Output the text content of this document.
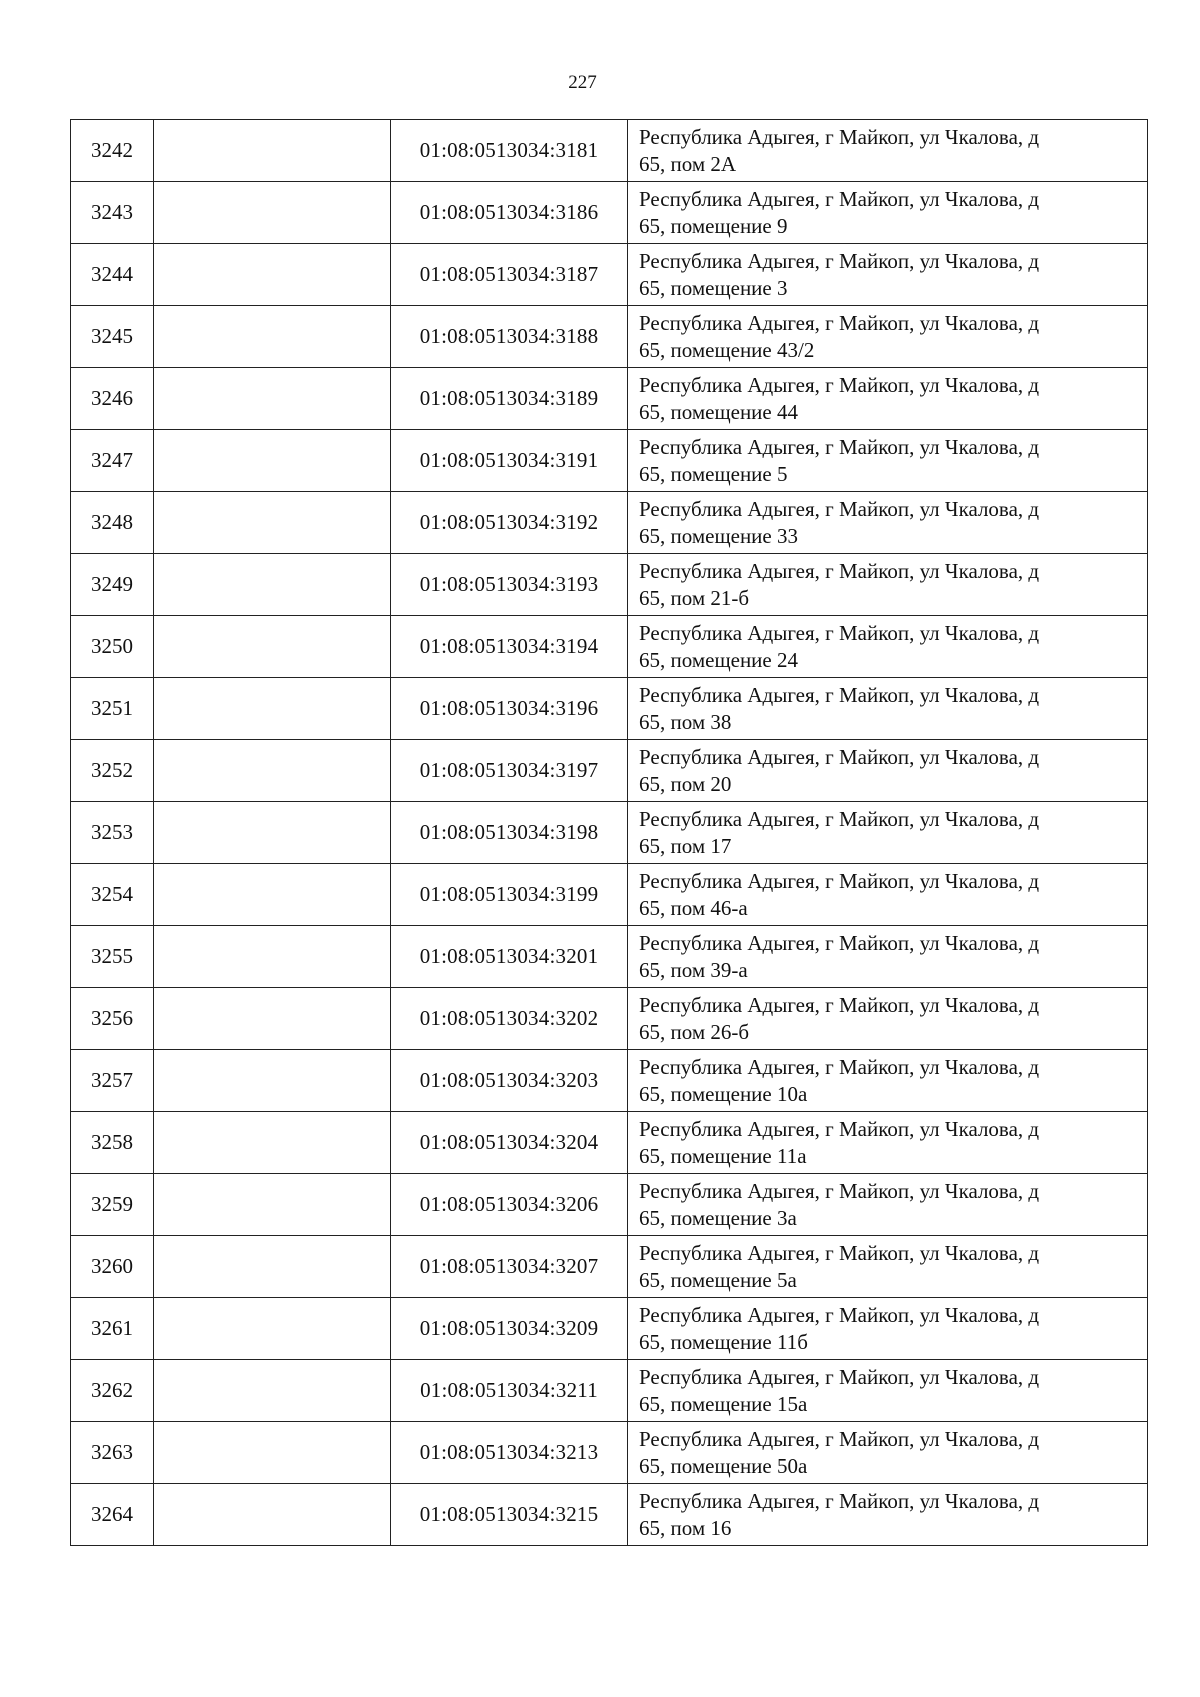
227
3242		01:08:0513034:3181	Республика Адыгея, г Майкоп, ул Чкалова, д
65, пом 2А

3243		01:08:0513034:3186	Республика Адыгея, г Майкоп, ул Чкалова, д
65, помещение 9

3244		01:08:0513034:3187	Республика Адыгея, г Майкоп, ул Чкалова, д
65, помещение 3

3245		01:08:0513034:3188	Республика Адыгея, г Майкоп, ул Чкалова, д
65, помещение 43/2

3246		01:08:0513034:3189	Республика Адыгея, г Майкоп, ул Чкалова, д
65, помещение 44

3247		01:08:0513034:3191	Республика Адыгея, г Майкоп, ул Чкалова, д
65, помещение 5

3248		01:08:0513034:3192	Республика Адыгея, г Майкоп, ул Чкалова, д
65, помещение 33

3249		01:08:0513034:3193	Республика Адыгея, г Майкоп, ул Чкалова, д
65, пом 21-б

3250		01:08:0513034:3194	Республика Адыгея, г Майкоп, ул Чкалова, д
65, помещение 24

3251		01:08:0513034:3196	Республика Адыгея, г Майкоп, ул Чкалова, д
65, пом 38

3252		01:08:0513034:3197	Республика Адыгея, г Майкоп, ул Чкалова, д
65, пом 20

3253		01:08:0513034:3198	Республика Адыгея, г Майкоп, ул Чкалова, д
65, пом 17

3254		01:08:0513034:3199	Республика Адыгея, г Майкоп, ул Чкалова, д
65, пом 46-а

3255		01:08:0513034:3201	Республика Адыгея, г Майкоп, ул Чкалова, д
65, пом 39-а

3256		01:08:0513034:3202	Республика Адыгея, г Майкоп, ул Чкалова, д
65, пом 26-б

3257		01:08:0513034:3203	Республика Адыгея, г Майкоп, ул Чкалова, д
65, помещение 10а

3258		01:08:0513034:3204	Республика Адыгея, г Майкоп, ул Чкалова, д
65, помещение 11а

3259		01:08:0513034:3206	Республика Адыгея, г Майкоп, ул Чкалова, д
65, помещение 3а

3260		01:08:0513034:3207	Республика Адыгея, г Майкоп, ул Чкалова, д
65, помещение 5а

3261		01:08:0513034:3209	Республика Адыгея, г Майкоп, ул Чкалова, д
65, помещение 11б

3262		01:08:0513034:3211	Республика Адыгея, г Майкоп, ул Чкалова, д
65, помещение 15а

3263		01:08:0513034:3213	Республика Адыгея, г Майкоп, ул Чкалова, д
65, помещение 50а

3264		01:08:0513034:3215	Республика Адыгея, г Майкоп, ул Чкалова, д
65, пом 16
